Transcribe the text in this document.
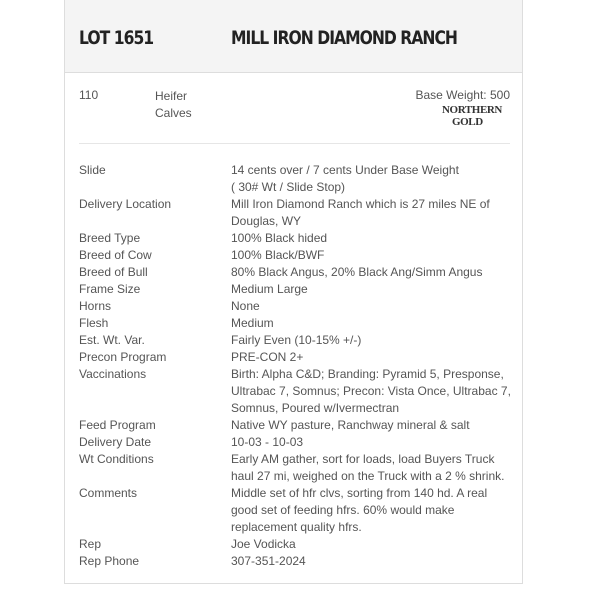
LOT 1651	MILL IRON DIAMOND RANCH
110	Heifer
Calves
Base Weight: 500
NORTHERN
GOLD
Slide	14 cents over / 7 cents Under Base Weight
( 30# Wt / Slide Stop)
Delivery Location	Mill Iron Diamond Ranch which is 27 miles NE of
Douglas, WY
Breed Type	100% Black hided
Breed of Cow	100% Black/BWF
Breed of Bull	80% Black Angus, 20% Black Ang/Simm Angus
Frame Size	Medium Large
Horns	None
Flesh	Medium
Est. Wt. Var.	Fairly Even (10-15% +/-)
Precon Program	PRE-CON 2+
Vaccinations	Birth: Alpha C&D; Branding: Pyramid 5, Presponse,
Ultrabac 7, Somnus; Precon: Vista Once, Ultrabac 7,
Somnus, Poured w/Ivermectran
Feed Program	Native WY pasture, Ranchway mineral & salt
Delivery Date	10-03 - 10-03
Wt Conditions	Early AM gather, sort for loads, load Buyers Truck
haul 27 mi, weighed on the Truck with a 2 % shrink.
Comments	Middle set of hfr clvs, sorting from 140 hd. A real
good set of feeding hfrs. 60% would make
replacement quality hfrs.
Rep	Joe Vodicka
Rep Phone	307-351-2024
